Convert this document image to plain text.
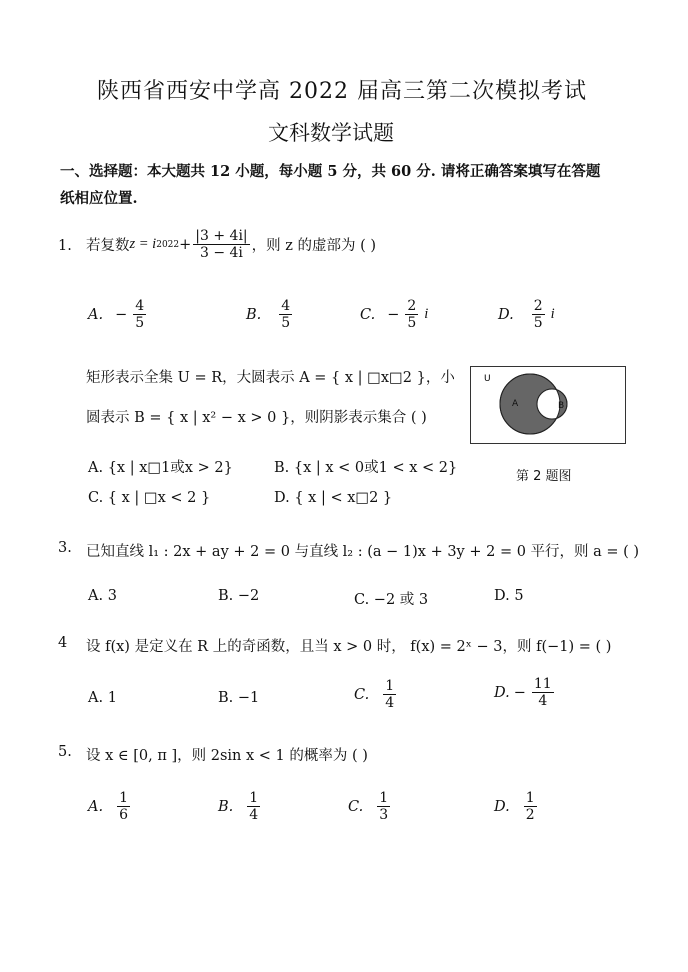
陕西省西安中学高 2022 届高三第二次模拟考试
文科数学试题
一、选择题：本大题共 12 小题，每小题 5 分，共 60 分. 请将正确答案填写在答题
纸相应位置.
1. 若复数 z = i $2022 + \frac{|3 + 4i|}{3 - 4i}$ ，则 z 的虚部为 ( )
A. − $\frac{4}{5}$	B. $\frac{4}{5}$	C. − $\frac{2}{5}$ i	D. $\frac{2}{5}$ i
矩形表示全集 U = R，大圆表示 A = { x | □x□2 }，小
圆表示 B = { x | x² − x > 0 }，则阴影表示集合 ( )
A. {x | x□1或x > 2}	B. {x | x < 0或1 < x < 2}
C. { x | □x < 2 }	D. { x | < x□2 }
U
A	B
第 2 题图
3. 已知直线 l₁ : 2x + ay + 2 = 0 与直线 l₂ : (a − 1)x + 3y + 2 = 0 平行，则 a = ( )
A. 3	B. −2	C. −2 或 3	D. 5
4 设 f(x) 是定义在 R 上的奇函数，且当 x > 0 时， f(x) = 2ˣ − 3，则 f(−1) = ( )
A. 1	B. −1	C. $\frac{1}{4}$	D. − $\frac{11}{4}$
5. 设 x ∈ [0, π ]，则 2sin x < 1 的概率为 ( )
A. $\frac{1}{6}$	B. $\frac{1}{4}$	C. $\frac{1}{3}$	D. $\frac{1}{2}$
